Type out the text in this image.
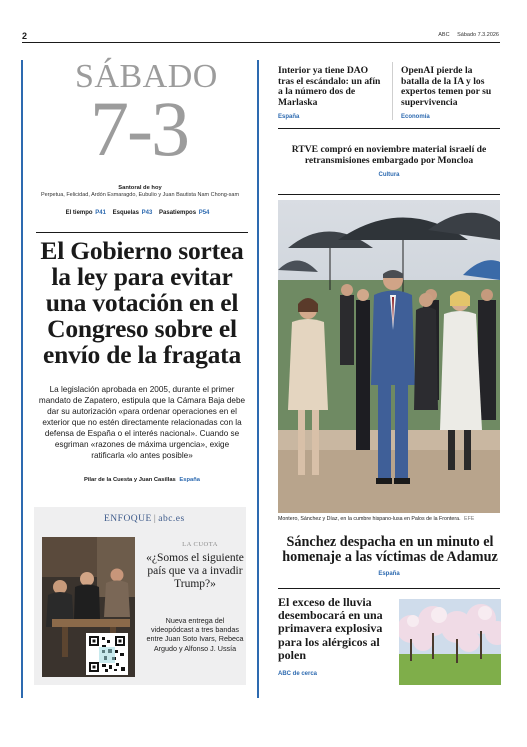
2	ABC Sábado 7.3.2026
SÁBADO
7-3
Santoral de hoy
Perpetua, Felicidad, Ardón Esmaragdo, Eubulio y Juan Bautista Nam Chong-sam
El tiempo P41 Esquelas P43 Pasatiempos P54
El Gobierno sortea la ley para evitar una votación en el Congreso sobre el envío de la fragata
La legislación aprobada en 2005, durante el primer mandato de Zapatero, estipula que la Cámara Baja debe dar su autorización «para ordenar operaciones en el exterior que no estén directamente relacionadas con la defensa de España o el interés nacional». Cuando se esgriman «razones de máxima urgencia», exige ratificarla «lo antes posible»
Pilar de la Cuesta y Juan Casillas España
ENFOQUE | abc.es
LA CUOTA
«¿Somos el siguiente país que va a invadir Trump?»
Nueva entrega del videopódcast a tres bandas entre Juan Soto Ivars, Rebeca Argudo y Alfonso J. Ussía
Interior ya tiene DAO tras el escándalo: un afín a la número dos de Marlaska
España
OpenAI pierde la batalla de la IA y los expertos temen por su supervivencia
Economía
RTVE compró en noviembre material israelí de retransmisiones embargado por Moncloa
Cultura
Montero, Sánchez y Díaz, en la cumbre hispano-lusa en Palos de la Frontera. EFE
Sánchez despacha en un minuto el homenaje a las víctimas de Adamuz
España
El exceso de lluvia desembocará en una primavera explosiva para los alérgicos al polen
ABC de cerca
